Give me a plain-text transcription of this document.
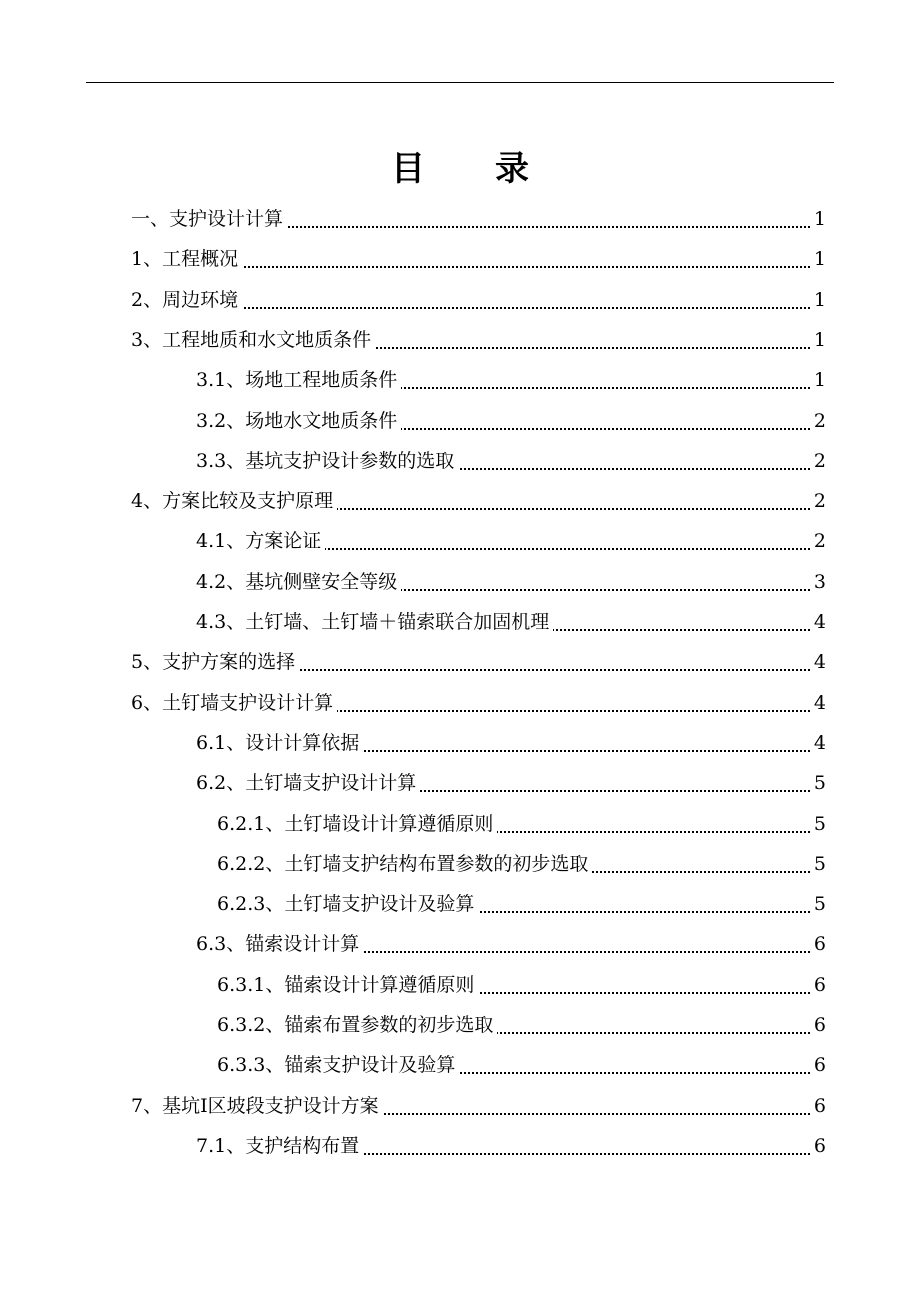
目 录
一、支护设计计算	1
1、工程概况	1
2、周边环境	1
3、工程地质和水文地质条件	1
3.1、场地工程地质条件	1
3.2、场地水文地质条件	2
3.3、基坑支护设计参数的选取	2
4、方案比较及支护原理	2
4.1、方案论证	2
4.2、基坑侧壁安全等级	3
4.3、土钉墙、土钉墙＋锚索联合加固机理	4
5、支护方案的选择	4
6、土钉墙支护设计计算	4
6.1、设计计算依据	4
6.2、土钉墙支护设计计算	5
6.2.1、土钉墙设计计算遵循原则	5
6.2.2、土钉墙支护结构布置参数的初步选取	5
6.2.3、土钉墙支护设计及验算	5
6.3、锚索设计计算	6
6.3.1、锚索设计计算遵循原则	6
6.3.2、锚索布置参数的初步选取	6
6.3.3、锚索支护设计及验算	6
7、基坑Ⅰ区坡段支护设计方案	6
7.1、支护结构布置	6
